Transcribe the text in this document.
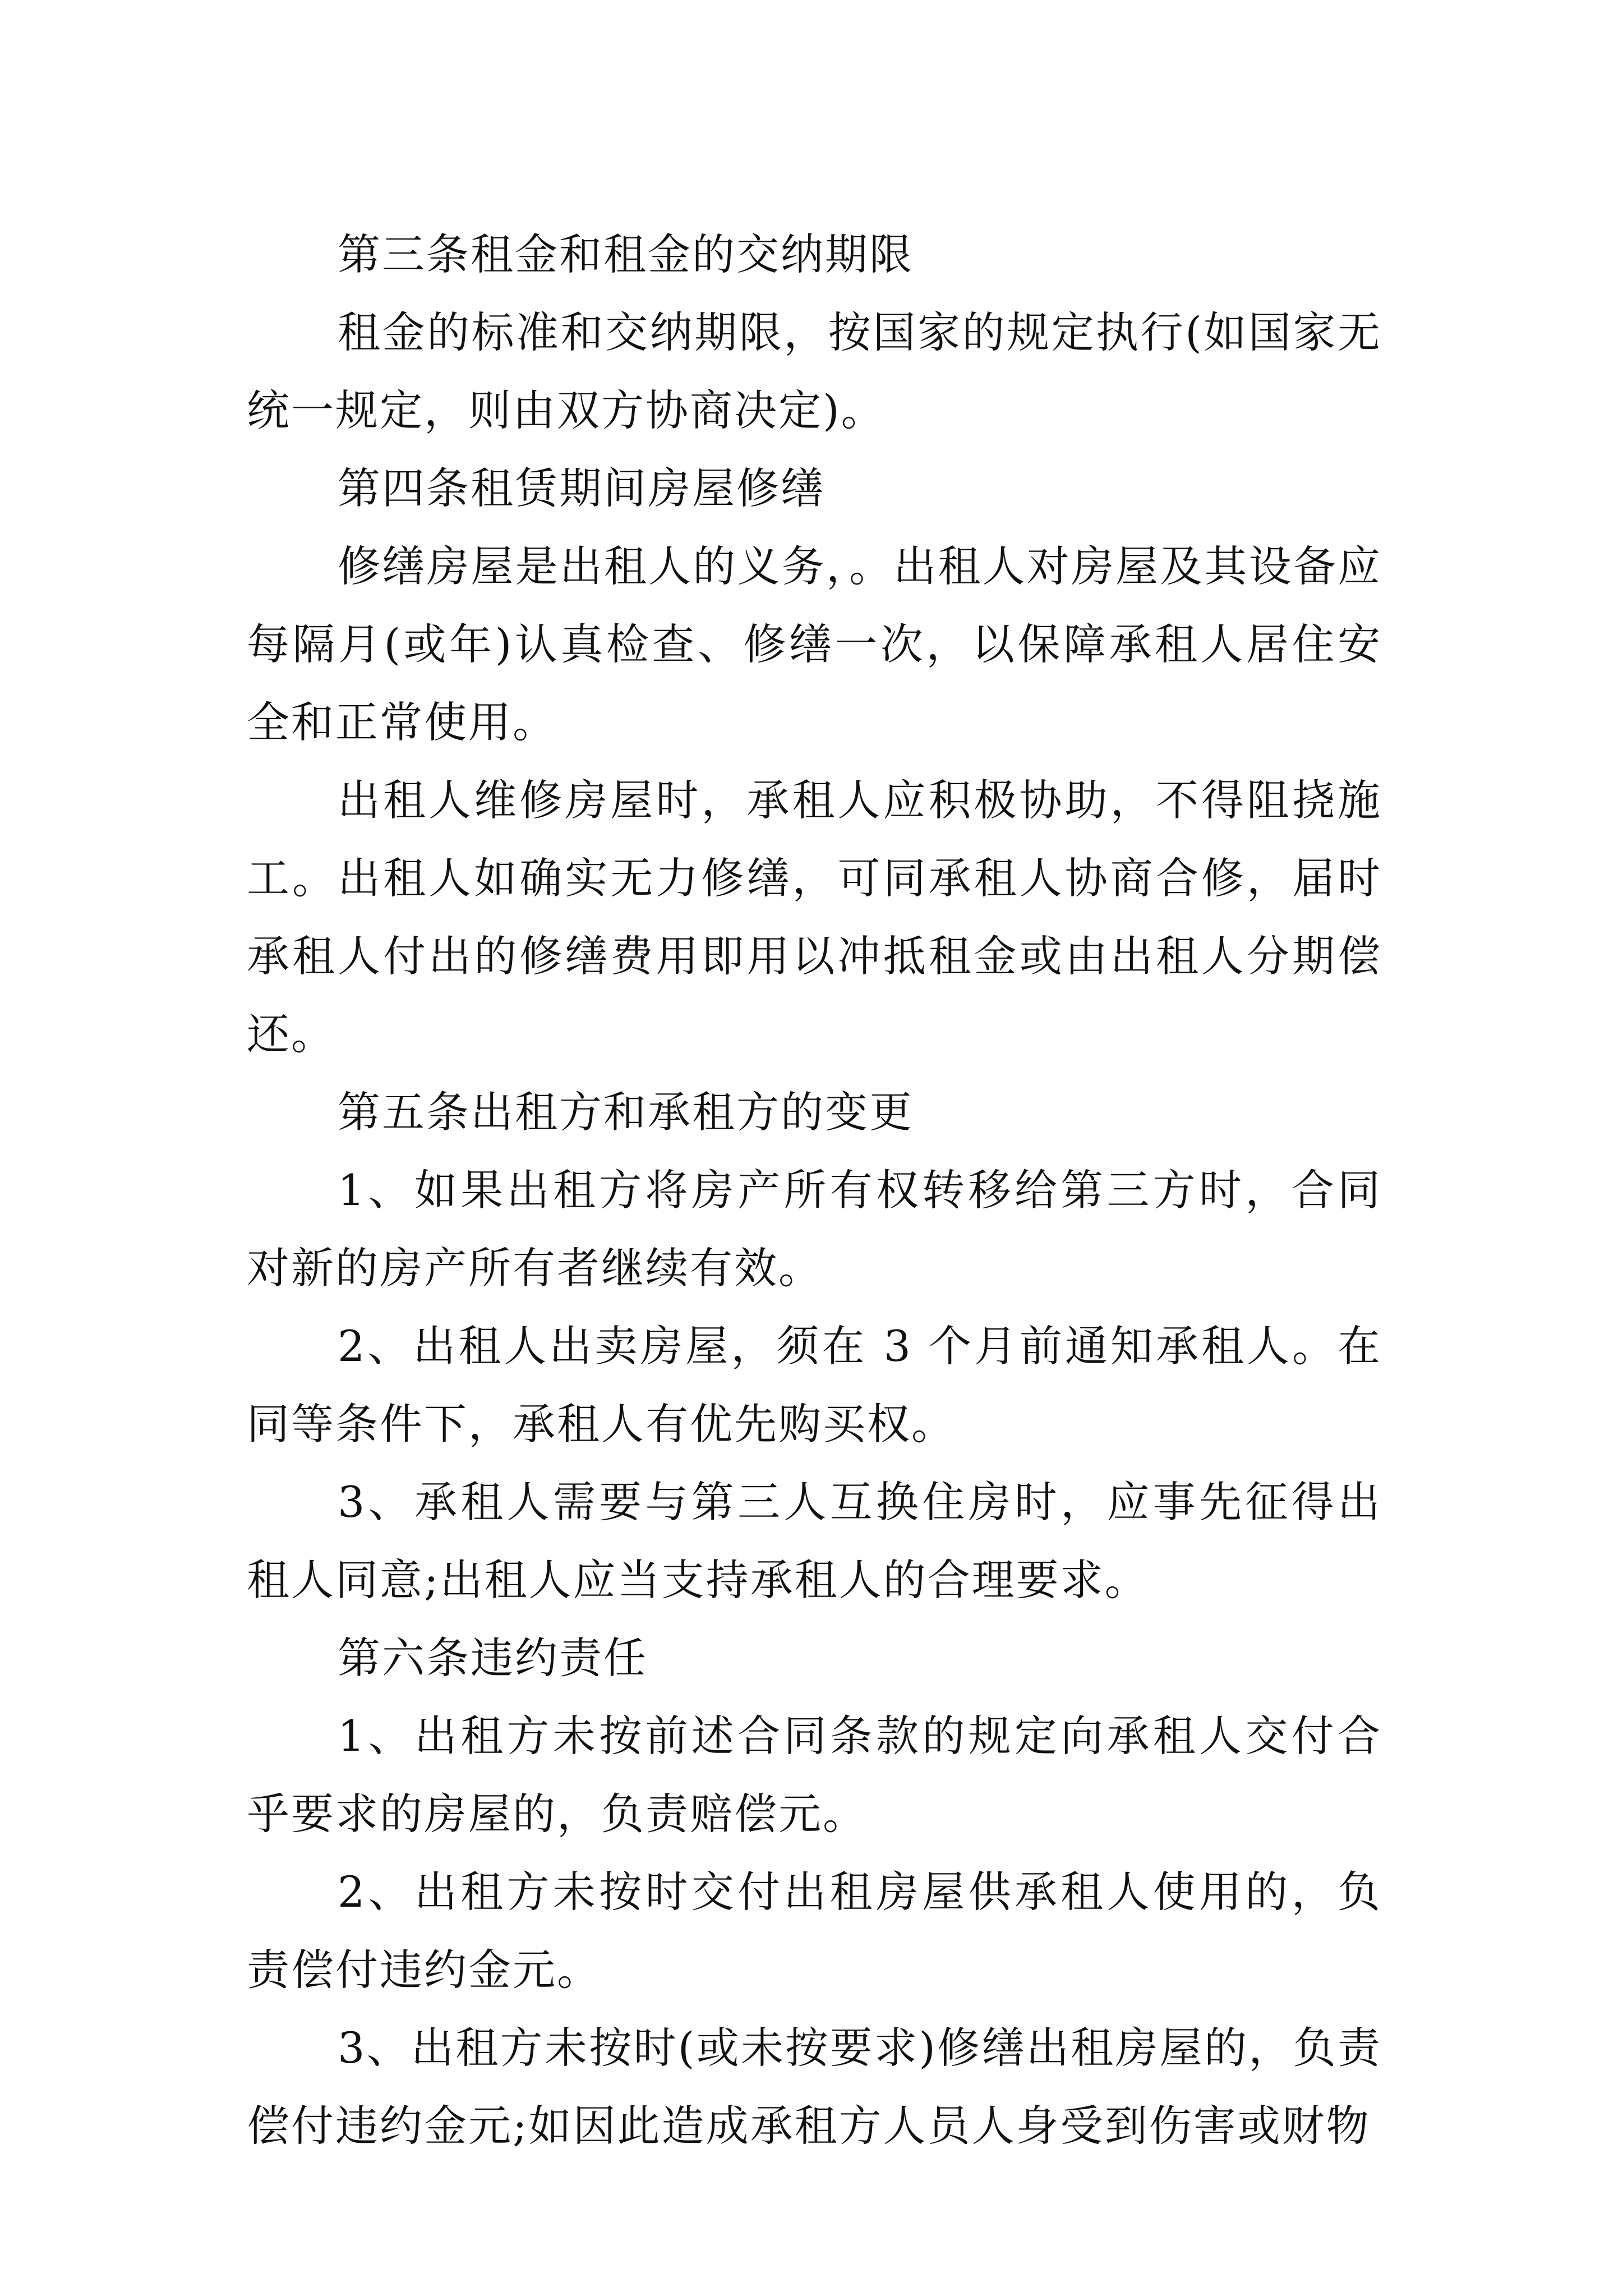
第三条租金和租金的交纳期限

租金的标准和交纳期限，按国家的规定执行(如国家无统一规定，则由双方协商决定)。

第四条租赁期间房屋修缮

修缮房屋是出租人的义务，。出租人对房屋及其设备应每隔月(或年)认真检查、修缮一次，以保障承租人居住安全和正常使用。

出租人维修房屋时，承租人应积极协助，不得阻挠施工。出租人如确实无力修缮，可同承租人协商合修，届时承租人付出的修缮费用即用以冲抵租金或由出租人分期偿还。

第五条出租方和承租方的变更

1、如果出租方将房产所有权转移给第三方时，合同对新的房产所有者继续有效。

2、出租人出卖房屋，须在 3 个月前通知承租人。在同等条件下，承租人有优先购买权。

3、承租人需要与第三人互换住房时，应事先征得出租人同意;出租人应当支持承租人的合理要求。

第六条违约责任

1、出租方未按前述合同条款的规定向承租人交付合乎要求的房屋的，负责赔偿元。

2、出租方未按时交付出租房屋供承租人使用的，负责偿付违约金元。

3、出租方未按时(或未按要求)修缮出租房屋的，负责偿付违约金元;如因此造成承租方人员人身受到伤害或财物
